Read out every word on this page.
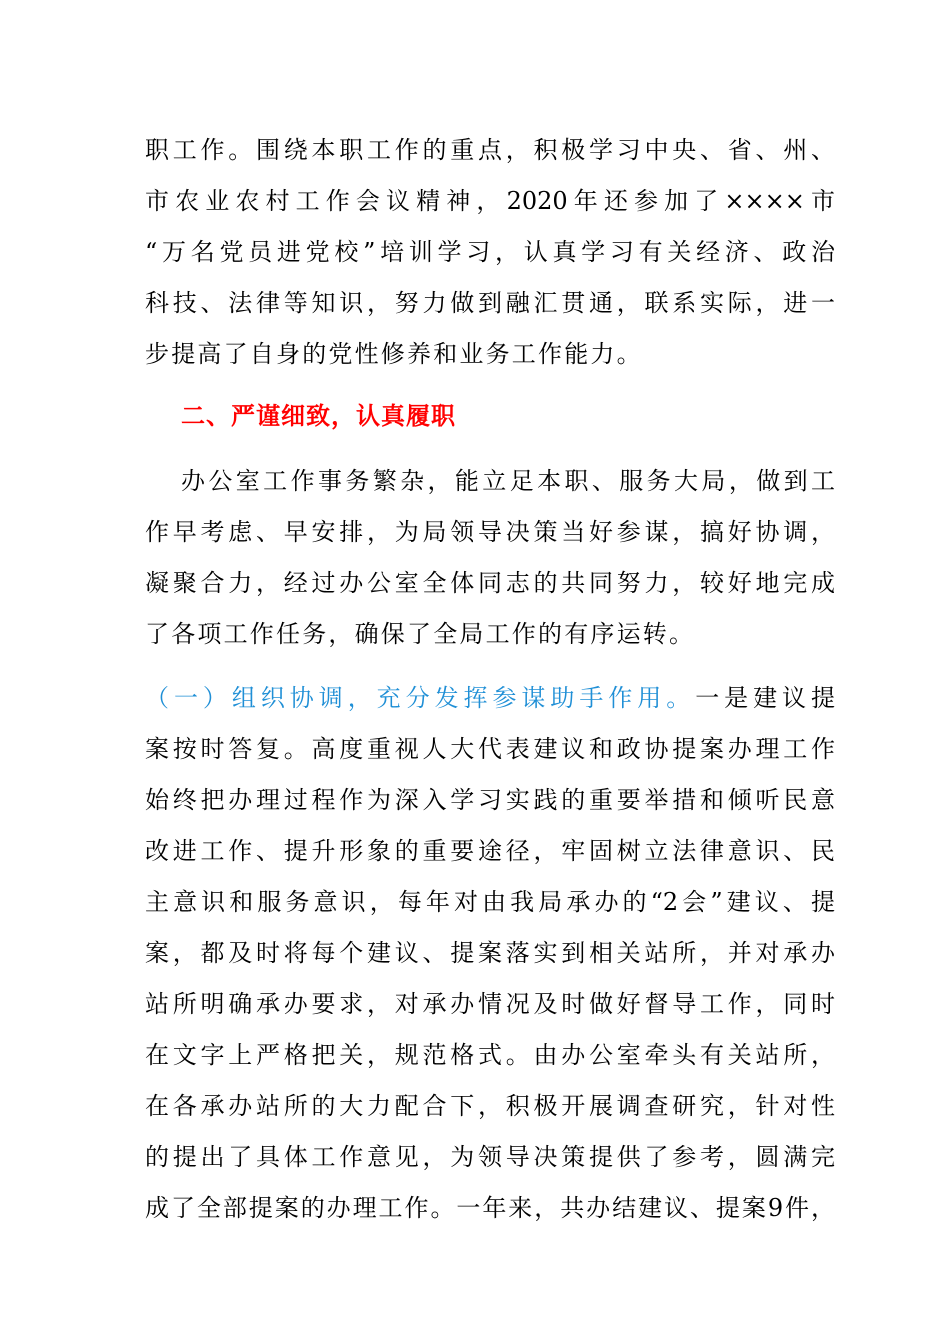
职工作。围绕本职工作的重点，积极学习中央、省、州、
市农业农村工作会议精神，2020年还参加了××××市
“万名党员进党校”培训学习，认真学习有关经济、政治
科技、法律等知识，努力做到融汇贯通，联系实际，进一
步提高了自身的党性修养和业务工作能力。
二、严谨细致，认真履职
办公室工作事务繁杂，能立足本职、服务大局，做到工
作早考虑、早安排，为局领导决策当好参谋，搞好协调，
凝聚合力，经过办公室全体同志的共同努力，较好地完成
了各项工作任务，确保了全局工作的有序运转。
（一）组织协调，充分发挥参谋助手作用。一是建议提
案按时答复。高度重视人大代表建议和政协提案办理工作
始终把办理过程作为深入学习实践的重要举措和倾听民意
改进工作、提升形象的重要途径，牢固树立法律意识、民
主意识和服务意识，每年对由我局承办的“2会”建议、提
案，都及时将每个建议、提案落实到相关站所，并对承办
站所明确承办要求，对承办情况及时做好督导工作，同时
在文字上严格把关，规范格式。由办公室牵头有关站所，
在各承办站所的大力配合下，积极开展调查研究，针对性
的提出了具体工作意见，为领导决策提供了参考，圆满完
成了全部提案的办理工作。一年来，共办结建议、提案9件，
